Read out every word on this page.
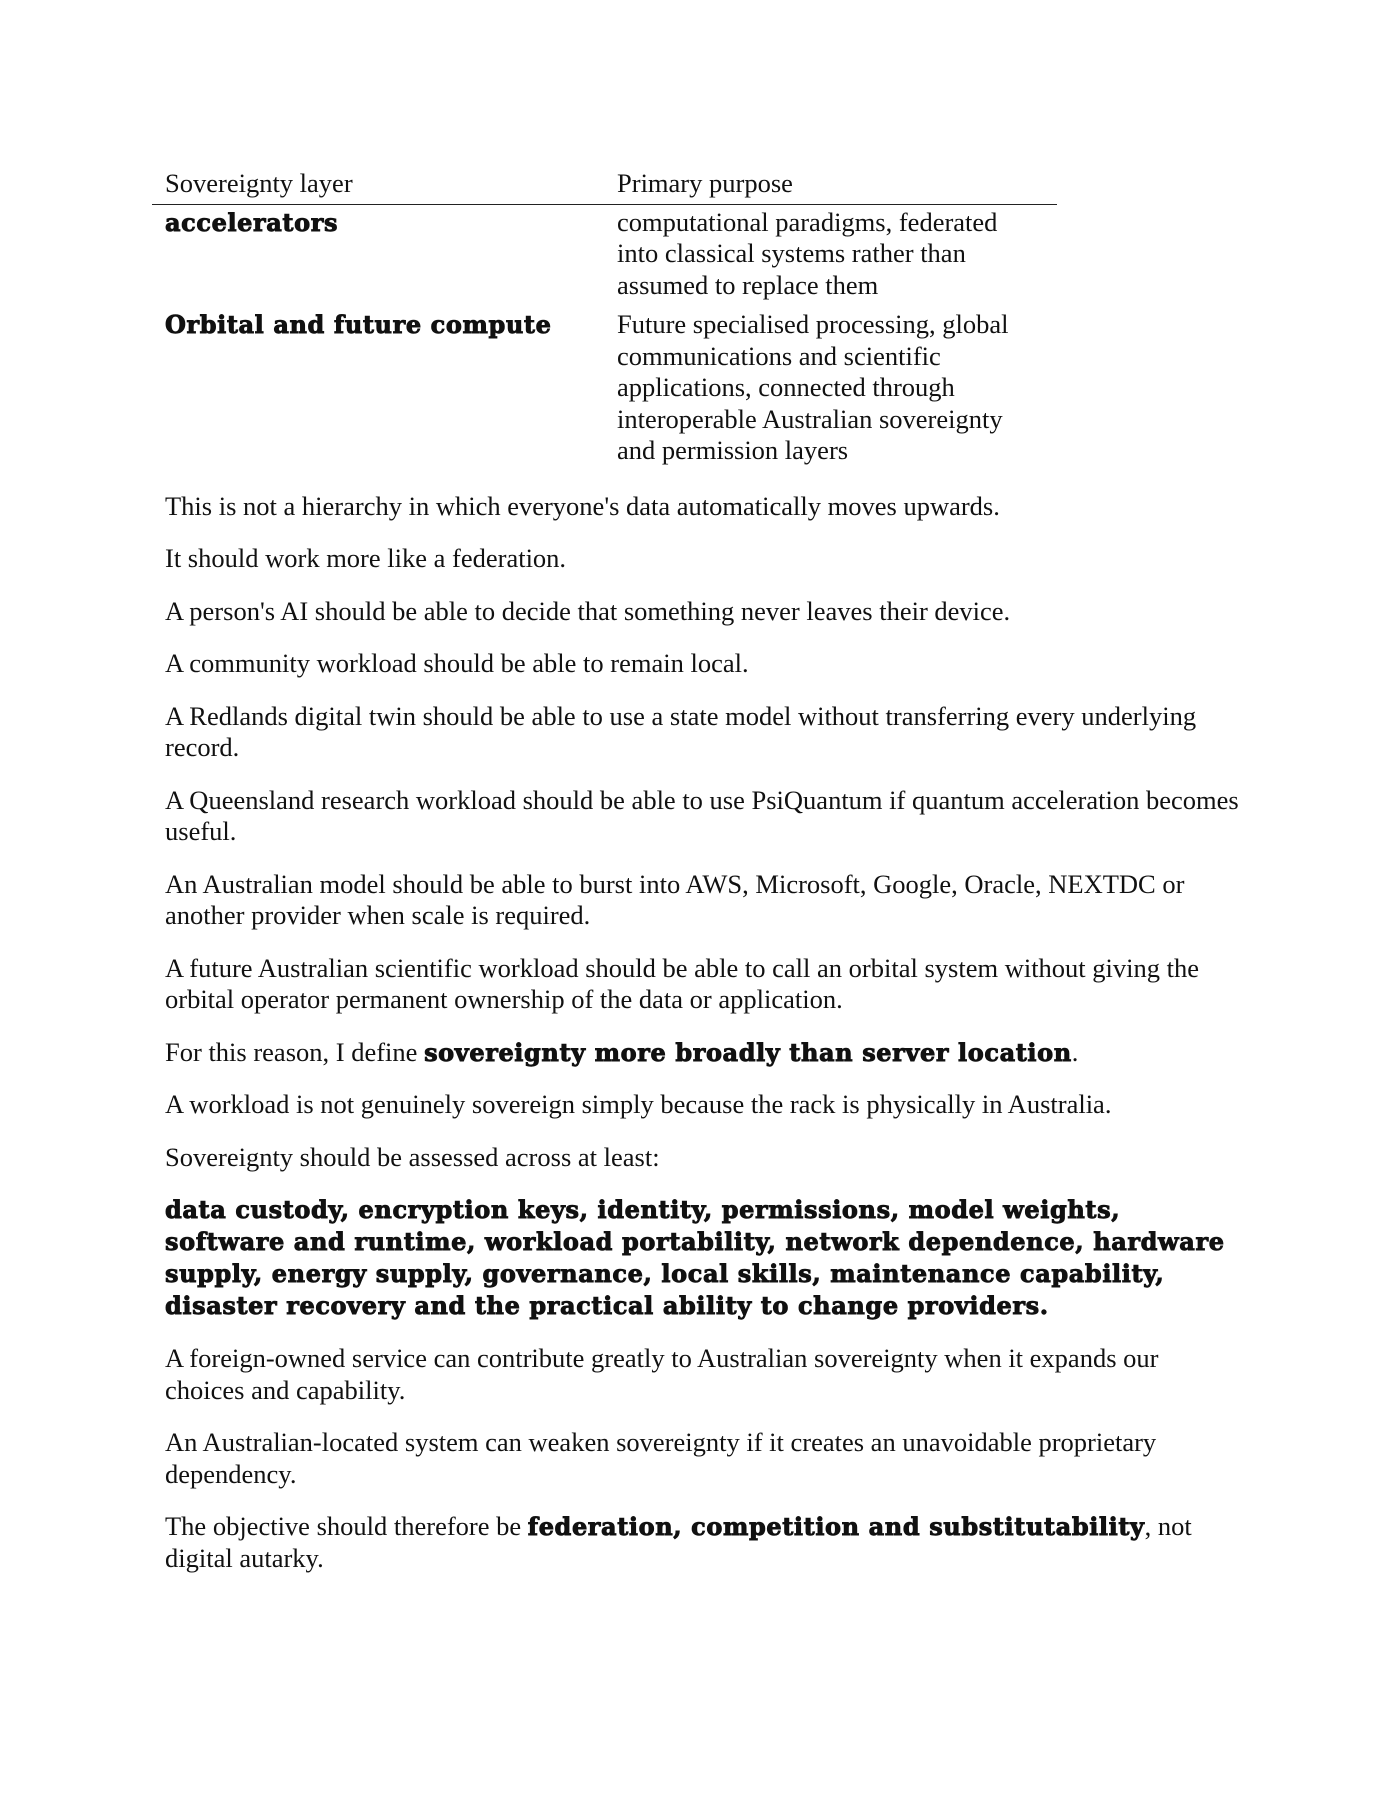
Sovereignty layer	Primary purpose
accelerators	computational paradigms, federated into classical systems rather than assumed to replace them
Orbital and future compute	Future specialised processing, global communications and scientific applications, connected through interoperable Australian sovereignty and permission layers

This is not a hierarchy in which everyone's data automatically moves upwards.

It should work more like a federation.

A person's AI should be able to decide that something never leaves their device.

A community workload should be able to remain local.

A Redlands digital twin should be able to use a state model without transferring every underlying record.

A Queensland research workload should be able to use PsiQuantum if quantum acceleration becomes useful.

An Australian model should be able to burst into AWS, Microsoft, Google, Oracle, NEXTDC or another provider when scale is required.

A future Australian scientific workload should be able to call an orbital system without giving the orbital operator permanent ownership of the data or application.

For this reason, I define sovereignty more broadly than server location.

A workload is not genuinely sovereign simply because the rack is physically in Australia.

Sovereignty should be assessed across at least:

data custody, encryption keys, identity, permissions, model weights, software and runtime, workload portability, network dependence, hardware supply, energy supply, governance, local skills, maintenance capability, disaster recovery and the practical ability to change providers.

A foreign-owned service can contribute greatly to Australian sovereignty when it expands our choices and capability.

An Australian-located system can weaken sovereignty if it creates an unavoidable proprietary dependency.

The objective should therefore be federation, competition and substitutability, not digital autarky.
